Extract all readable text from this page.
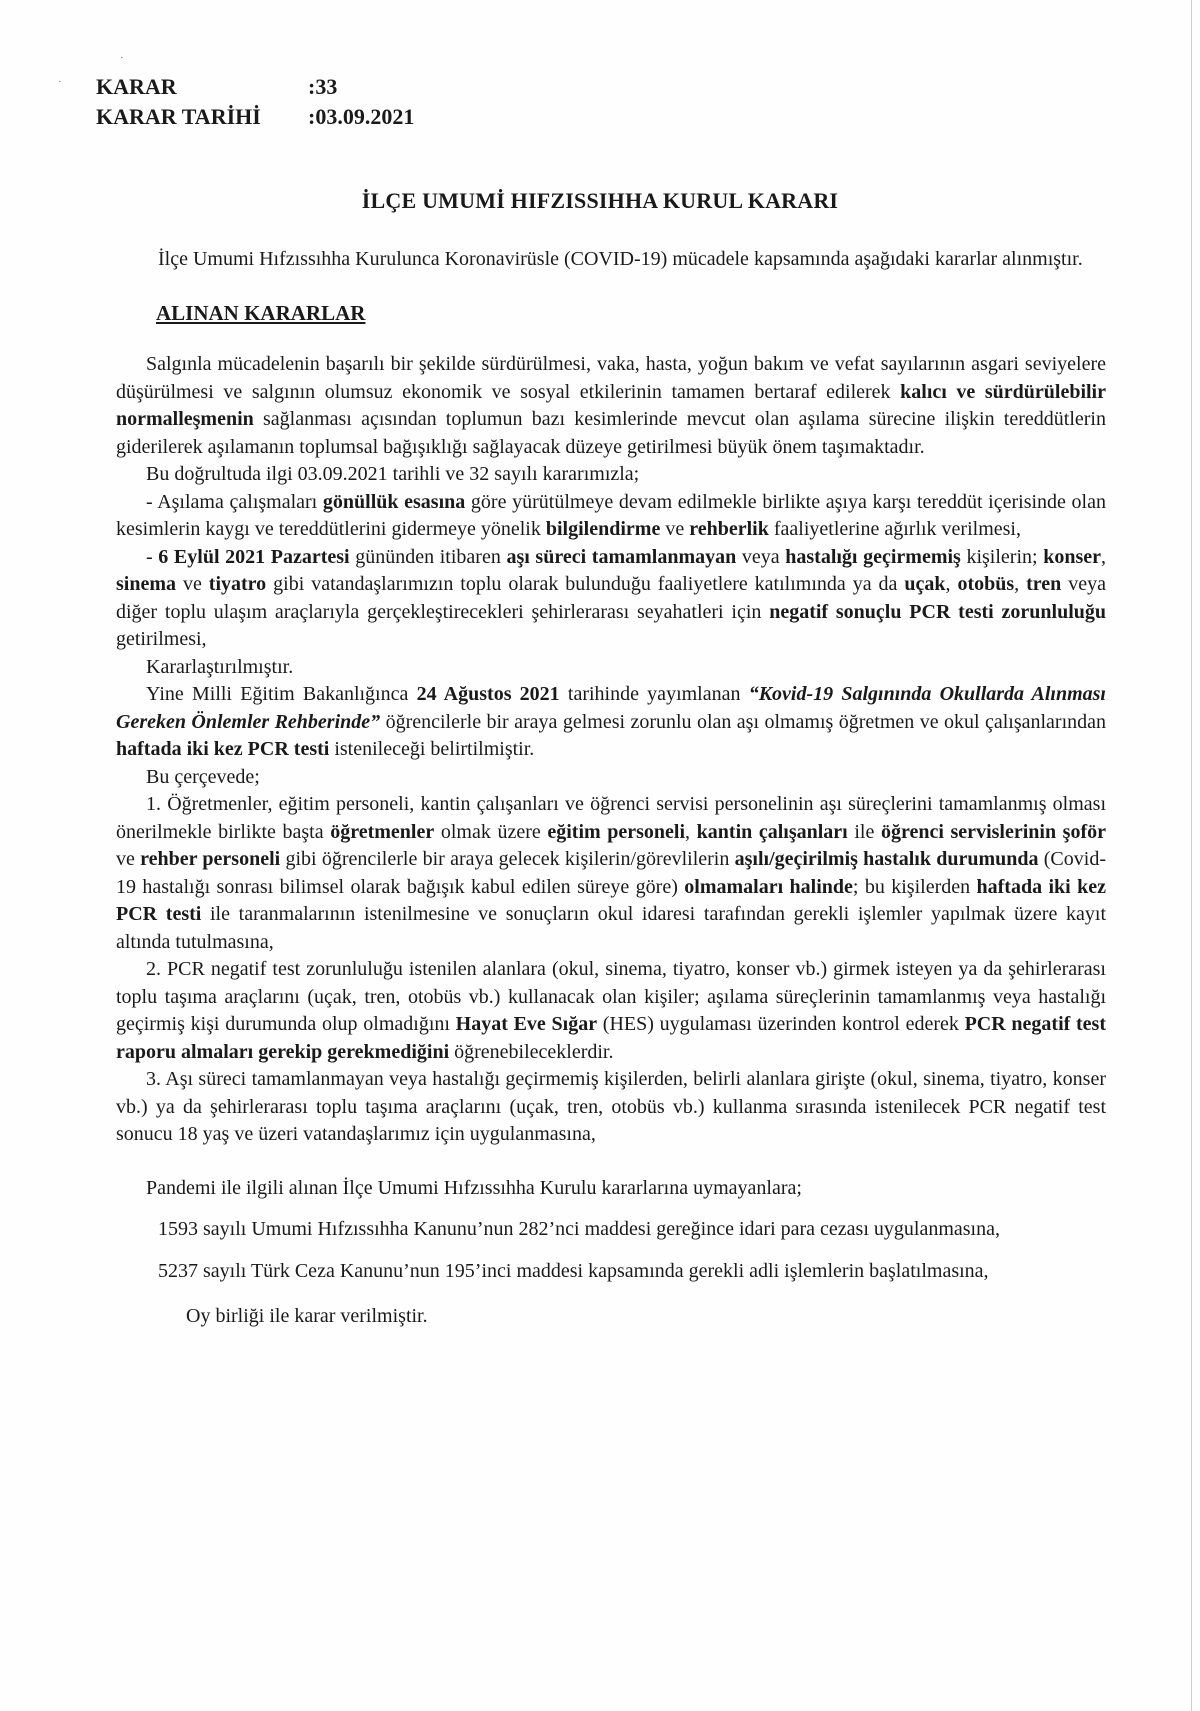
·
· KARAR	:33
KARAR TARİHİ	:03.09.2021
İLÇE UMUMİ HIFZISSIHHA KURUL KARARI

İlçe Umumi Hıfzıssıhha Kurulunca Koronavirüsle (COVID-19) mücadele kapsamında aşağıdaki kararlar alınmıştır.

ALINAN KARARLAR

Salgınla mücadelenin başarılı bir şekilde sürdürülmesi, vaka, hasta, yoğun bakım ve vefat sayılarının asgari seviyelere düşürülmesi ve salgının olumsuz ekonomik ve sosyal etkilerinin tamamen bertaraf edilerek kalıcı ve sürdürülebilir normalleşmenin sağlanması açısından toplumun bazı kesimlerinde mevcut olan aşılama sürecine ilişkin tereddütlerin giderilerek aşılamanın toplumsal bağışıklığı sağlayacak düzeye getirilmesi büyük önem taşımaktadır.

Bu doğrultuda ilgi 03.09.2021 tarihli ve 32 sayılı kararımızla;

- Aşılama çalışmaları gönüllük esasına göre yürütülmeye devam edilmekle birlikte aşıya karşı tereddüt içerisinde olan kesimlerin kaygı ve tereddütlerini gidermeye yönelik bilgilendirme ve rehberlik faaliyetlerine ağırlık verilmesi,

- 6 Eylül 2021 Pazartesi gününden itibaren aşı süreci tamamlanmayan veya hastalığı geçirmemiş kişilerin; konser, sinema ve tiyatro gibi vatandaşlarımızın toplu olarak bulunduğu faaliyetlere katılımında ya da uçak, otobüs, tren veya diğer toplu ulaşım araçlarıyla gerçekleştirecekleri şehirlerarası seyahatleri için negatif sonuçlu PCR testi zorunluluğu getirilmesi,

Kararlaştırılmıştır.

Yine Milli Eğitim Bakanlığınca 24 Ağustos 2021 tarihinde yayımlanan “Kovid-19 Salgınında Okullarda Alınması Gereken Önlemler Rehberinde” öğrencilerle bir araya gelmesi zorunlu olan aşı olmamış öğretmen ve okul çalışanlarından haftada iki kez PCR testi istenileceği belirtilmiştir.

Bu çerçevede;

1. Öğretmenler, eğitim personeli, kantin çalışanları ve öğrenci servisi personelinin aşı süreçlerini tamamlanmış olması önerilmekle birlikte başta öğretmenler olmak üzere eğitim personeli, kantin çalışanları ile öğrenci servislerinin şoför ve rehber personeli gibi öğrencilerle bir araya gelecek kişilerin/görevlilerin aşılı/geçirilmiş hastalık durumunda (Covid-19 hastalığı sonrası bilimsel olarak bağışık kabul edilen süreye göre) olmamaları halinde; bu kişilerden haftada iki kez PCR testi ile taranmalarının istenilmesine ve sonuçların okul idaresi tarafından gerekli işlemler yapılmak üzere kayıt altında tutulmasına,

2. PCR negatif test zorunluluğu istenilen alanlara (okul, sinema, tiyatro, konser vb.) girmek isteyen ya da şehirlerarası toplu taşıma araçlarını (uçak, tren, otobüs vb.) kullanacak olan kişiler; aşılama süreçlerinin tamamlanmış veya hastalığı geçirmiş kişi durumunda olup olmadığını Hayat Eve Sığar (HES) uygulaması üzerinden kontrol ederek PCR negatif test raporu almaları gerekip gerekmediğini öğrenebileceklerdir.

3. Aşı süreci tamamlanmayan veya hastalığı geçirmemiş kişilerden, belirli alanlara girişte (okul, sinema, tiyatro, konser vb.) ya da şehirlerarası toplu taşıma araçlarını (uçak, tren, otobüs vb.) kullanma sırasında istenilecek PCR negatif test sonucu 18 yaş ve üzeri vatandaşlarımız için uygulanmasına,

Pandemi ile ilgili alınan İlçe Umumi Hıfzıssıhha Kurulu kararlarına uymayanlara;

1593 sayılı Umumi Hıfzıssıhha Kanunu’nun 282’nci maddesi gereğince idari para cezası uygulanmasına,

5237 sayılı Türk Ceza Kanunu’nun 195’inci maddesi kapsamında gerekli adli işlemlerin başlatılmasına,

Oy birliği ile karar verilmiştir.
